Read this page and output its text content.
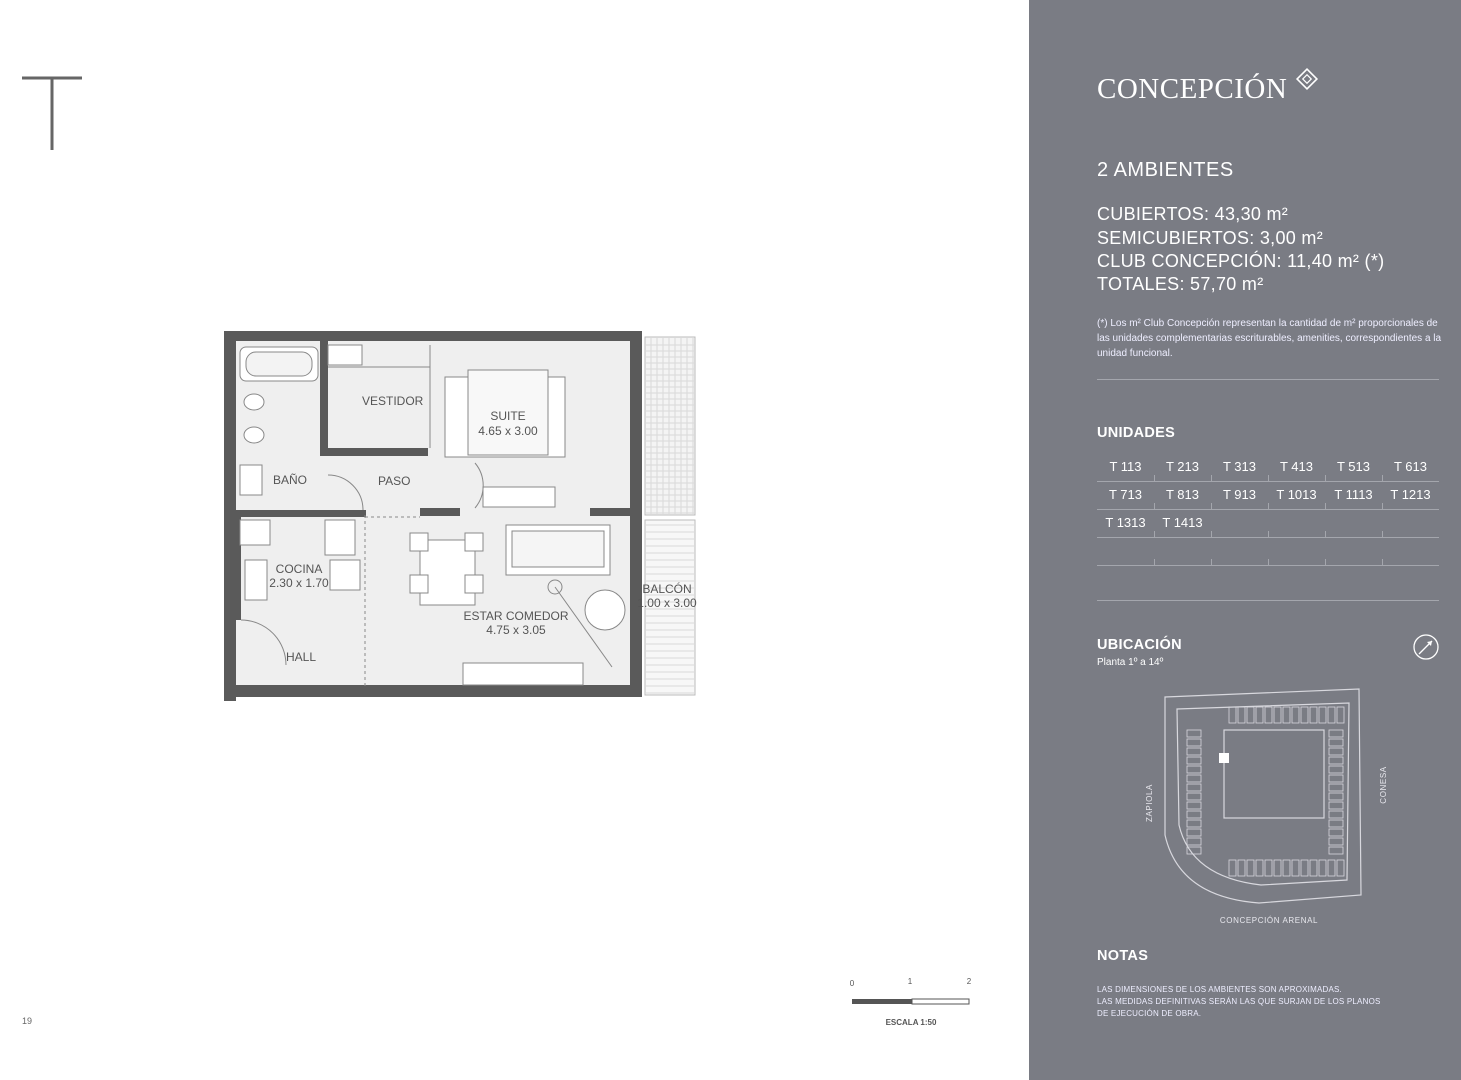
19
VESTIDOR
SUITE
4.65 x 3.00
BAÑO	PASO
COCINA
2.30 x 1.70
ESTAR COMEDOR
4.75 x 3.05
BALCÓN
1.00 x 3.00
HALL
0	1	2
ESCALA 1:50
CONCEPCIÓN
2 AMBIENTES
CUBIERTOS: 43,30 m²
SEMICUBIERTOS: 3,00 m²
CLUB CONCEPCIÓN: 11,40 m² (*)
TOTALES: 57,70 m²
(*) Los m² Club Concepción representan la cantidad de m² proporcionales de las unidades complementarias escriturables, amenities, correspondientes a la unidad funcional.
UNIDADES
T 113	T 213	T 313	T 413	T 513	T 613
T 713	T 813	T 913	T 1013	T 1113	T 1213
T 1313	T 1413
UBICACIÓN
Planta 1º a 14º
ZAPIOLA	CONESA
CONCEPCIÓN ARENAL
NOTAS
LAS DIMENSIONES DE LOS AMBIENTES SON APROXIMADAS.
LAS MEDIDAS DEFINITIVAS SERÁN LAS QUE SURJAN DE LOS PLANOS
DE EJECUCIÓN DE OBRA.
